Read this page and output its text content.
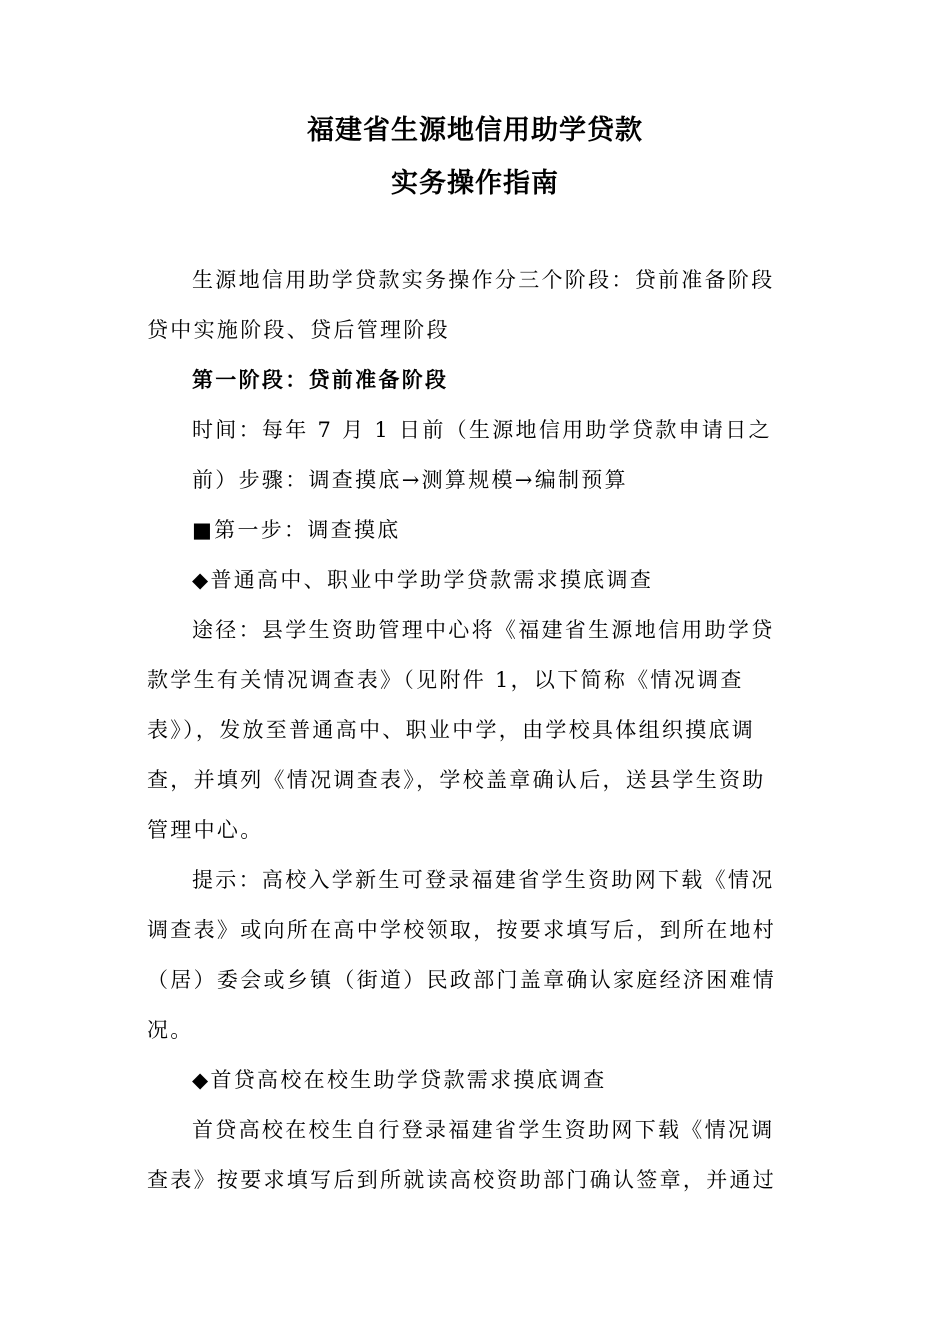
福建省生源地信用助学贷款
实务操作指南
生源地信用助学贷款实务操作分三个阶段：贷前准备阶段
贷中实施阶段、贷后管理阶段
第一阶段：贷前准备阶段
时间：每年 7 月 1 日前（生源地信用助学贷款申请日之
前）步骤：调查摸底→测算规模→编制预算
■第一步：调查摸底
◆普通高中、职业中学助学贷款需求摸底调查
途径：县学生资助管理中心将《福建省生源地信用助学贷
款学生有关情况调查表》（见附件 1，以下简称《情况调查
表》），发放至普通高中、职业中学，由学校具体组织摸底调
查，并填列《情况调查表》，学校盖章确认后，送县学生资助
管理中心。
提示：高校入学新生可登录福建省学生资助网下载《情况
调查表》或向所在高中学校领取，按要求填写后，到所在地村
（居）委会或乡镇（街道）民政部门盖章确认家庭经济困难情
况。
◆首贷高校在校生助学贷款需求摸底调查
首贷高校在校生自行登录福建省学生资助网下载《情况调
查表》按要求填写后到所就读高校资助部门确认签章，并通过
